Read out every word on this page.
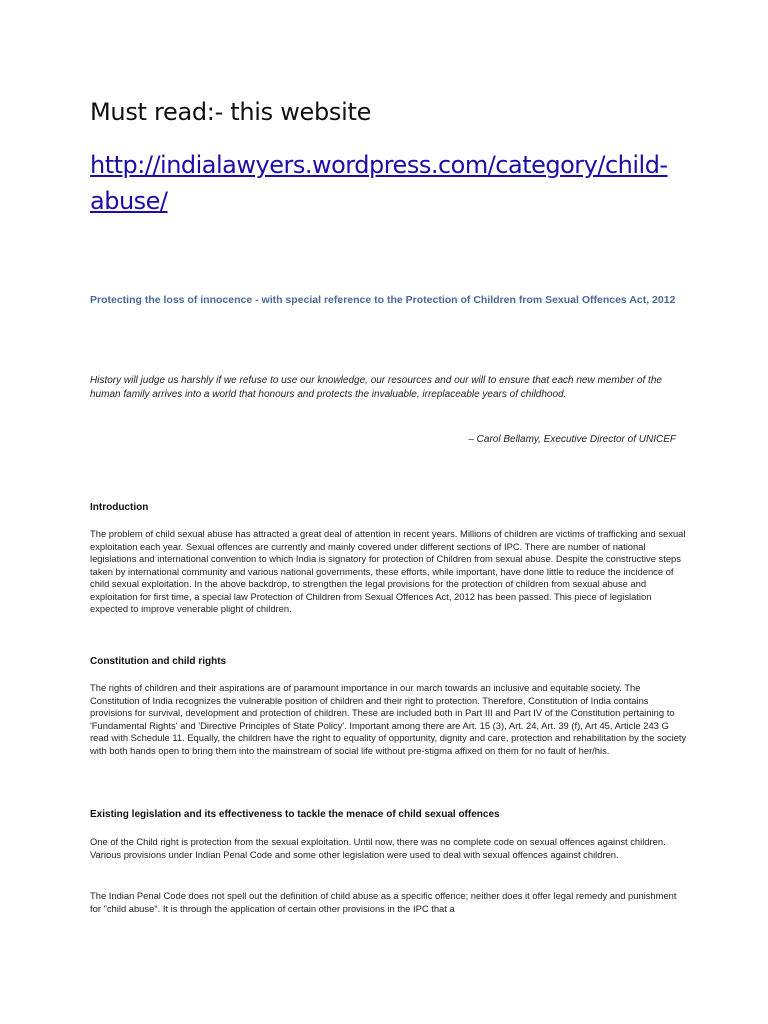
Must read:- this website
http://indialawyers.wordpress.com/category/child-abuse/
Protecting the loss of innocence - with special reference to the Protection of Children from Sexual Offences Act, 2012
History will judge us harshly if we refuse to use our knowledge, our resources and our will to ensure that each new member of the human family arrives into a world that honours and protects the invaluable, irreplaceable years of childhood.
– Carol Bellamy, Executive Director of UNICEF
Introduction
The problem of child sexual abuse has attracted a great deal of attention in recent years. Millions of children are victims of trafficking and sexual exploitation each year. Sexual offences are currently and mainly covered under different sections of IPC. There are number of national legislations and international convention to which India is signatory for protection of Children from sexual abuse. Despite the constructive steps taken by international community and various national governments, these efforts, while important, have done little to reduce the incidence of child sexual exploitation. In the above backdrop, to strengthen the legal provisions for the protection of children from sexual abuse and exploitation for first time, a special law Protection of Children from Sexual Offences Act, 2012 has been passed. This piece of legislation expected to improve venerable plight of children.
Constitution and child rights
The rights of children and their aspirations are of paramount importance in our march towards an inclusive and equitable society. The Constitution of India recognizes the vulnerable position of children and their right to protection. Therefore, Constitution of India contains provisions for survival, development and protection of children. These are included both in Part III and Part IV of the Constitution pertaining to 'Fundamental Rights' and 'Directive Principles of State Policy'. Important among there are Art. 15 (3), Art. 24, Art. 39 (f), Art 45, Article 243 G read with Schedule 11. Equally, the children have the right to equality of opportunity, dignity and care, protection and rehabilitation by the society with both hands open to bring them into the mainstream of social life without pre-stigma affixed on them for no fault of her/his.
Existing legislation and its effectiveness to tackle the menace of child sexual offences
One of the Child right is protection from the sexual exploitation. Until now, there was no complete code on sexual offences against children. Various provisions under Indian Penal Code and some other legislation were used to deal with sexual offences against children.
The Indian Penal Code does not spell out the definition of child abuse as a specific offence; neither does it offer legal remedy and punishment for "child abuse". It is through the application of certain other provisions in the IPC that a
